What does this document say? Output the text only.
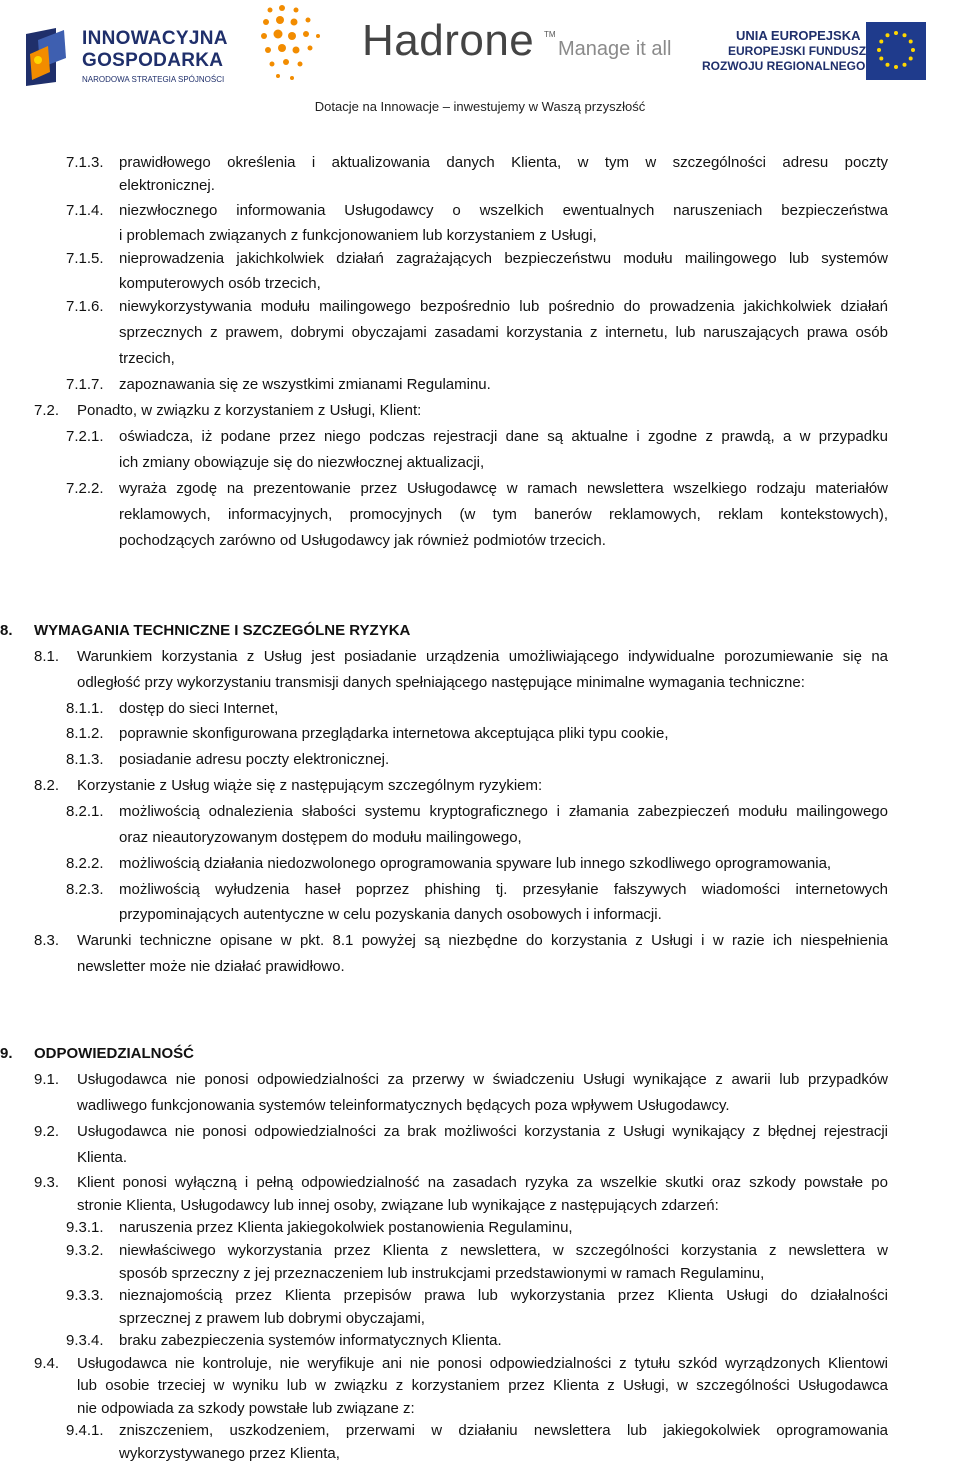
INNOWACYJNA
GOSPODARKA
NARODOWA STRATEGIA SPÓJNOŚCI
Hadrone TM
Manage it all
UNIA EUROPEJSKA
EUROPEJSKI FUNDUSZ
ROZWOJU REGIONALNEGO
Dotacje na Innowacje – inwestujemy w Waszą przyszłość
7.1.3. prawidłowego określenia i aktualizowania danych Klienta, w tym w szczególności adresu poczty
elektronicznej.
7.1.4. niezwłocznego informowania Usługodawcy o wszelkich ewentualnych naruszeniach bezpieczeństwa
i problemach związanych z funkcjonowaniem lub korzystaniem z Usługi,
7.1.5. nieprowadzenia jakichkolwiek działań zagrażających bezpieczeństwu modułu mailingowego lub systemów
komputerowych osób trzecich,
7.1.6. niewykorzystywania modułu mailingowego bezpośrednio lub pośrednio do prowadzenia jakichkolwiek działań
sprzecznych z prawem, dobrymi obyczajami zasadami korzystania z internetu, lub naruszających prawa osób
trzecich,
7.1.7. zapoznawania się ze wszystkimi zmianami Regulaminu.
7.2. Ponadto, w związku z korzystaniem z Usługi, Klient:
7.2.1. oświadcza, iż podane przez niego podczas rejestracji dane są aktualne i zgodne z prawdą, a w przypadku
ich zmiany obowiązuje się do niezwłocznej aktualizacji,
7.2.2. wyraża zgodę na prezentowanie przez Usługodawcę w ramach newslettera wszelkiego rodzaju materiałów
reklamowych, informacyjnych, promocyjnych (w tym banerów reklamowych, reklam kontekstowych),
pochodzących zarówno od Usługodawcy jak również podmiotów trzecich.
8. WYMAGANIA TECHNICZNE I SZCZEGÓLNE RYZYKA
8.1. Warunkiem korzystania z Usług jest posiadanie urządzenia umożliwiającego indywidualne porozumiewanie się na
odległość przy wykorzystaniu transmisji danych spełniającego następujące minimalne wymagania techniczne:
8.1.1. dostęp do sieci Internet,
8.1.2. poprawnie skonfigurowana przeglądarka internetowa akceptująca pliki typu cookie,
8.1.3. posiadanie adresu poczty elektronicznej.
8.2. Korzystanie z Usług wiąże się z następującym szczególnym ryzykiem:
8.2.1. możliwością odnalezienia słabości systemu kryptograficznego i złamania zabezpieczeń modułu mailingowego
oraz nieautoryzowanym dostępem do modułu mailingowego,
8.2.2. możliwością działania niedozwolonego oprogramowania spyware lub innego szkodliwego oprogramowania,
8.2.3. możliwością wyłudzenia haseł poprzez phishing tj. przesyłanie fałszywych wiadomości internetowych
przypominających autentyczne w celu pozyskania danych osobowych i informacji.
8.3. Warunki techniczne opisane w pkt. 8.1 powyżej są niezbędne do korzystania z Usługi i w razie ich niespełnienia
newsletter może nie działać prawidłowo.
9. ODPOWIEDZIALNOŚĆ
9.1. Usługodawca nie ponosi odpowiedzialności za przerwy w świadczeniu Usługi wynikające z awarii lub przypadków
wadliwego funkcjonowania systemów teleinformatycznych będących poza wpływem Usługodawcy.
9.2. Usługodawca nie ponosi odpowiedzialności za brak możliwości korzystania z Usługi wynikający z błędnej rejestracji
Klienta.
9.3. Klient ponosi wyłączną i pełną odpowiedzialność na zasadach ryzyka za wszelkie skutki oraz szkody powstałe po
stronie Klienta, Usługodawcy lub innej osoby, związane lub wynikające z następujących zdarzeń:
9.3.1. naruszenia przez Klienta jakiegokolwiek postanowienia Regulaminu,
9.3.2. niewłaściwego wykorzystania przez Klienta z newslettera, w szczególności korzystania z newslettera w
sposób sprzeczny z jej przeznaczeniem lub instrukcjami przedstawionymi w ramach Regulaminu,
9.3.3. nieznajomością przez Klienta przepisów prawa lub wykorzystania przez Klienta Usługi do działalności
sprzecznej z prawem lub dobrymi obyczajami,
9.3.4. braku zabezpieczenia systemów informatycznych Klienta.
9.4. Usługodawca nie kontroluje, nie weryfikuje ani nie ponosi odpowiedzialności z tytułu szkód wyrządzonych Klientowi
lub osobie trzeciej w wyniku lub w związku z korzystaniem przez Klienta z Usługi, w szczególności Usługodawca
nie odpowiada za szkody powstałe lub związane z:
9.4.1. zniszczeniem, uszkodzeniem, przerwami w działaniu newslettera lub jakiegokolwiek oprogramowania
wykorzystywanego przez Klienta,
